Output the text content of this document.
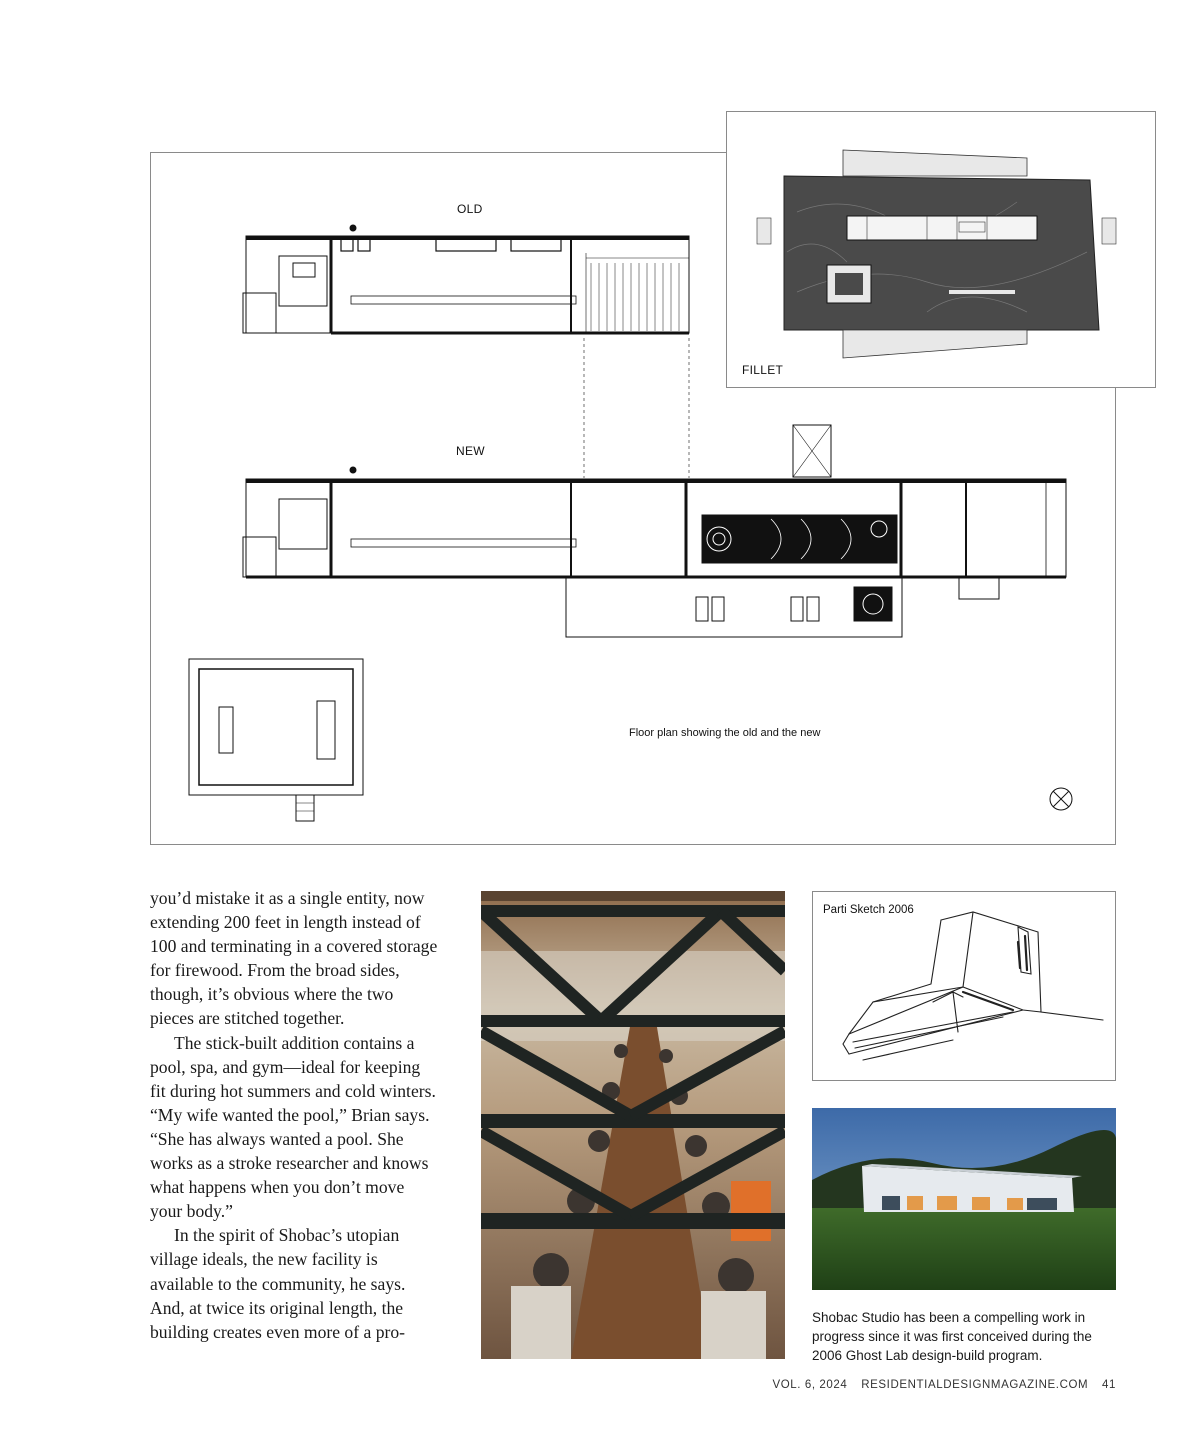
OLD
NEW
Floor plan showing the old and the new
FILLET

you’d mistake it as a single entity, now extending 200 feet in length instead of 100 and terminating in a covered storage for firewood. From the broad sides, though, it’s obvious where the two pieces are stitched together.

The stick-built addition contains a pool, spa, and gym—ideal for keeping fit during hot summers and cold winters. “My wife wanted the pool,” Brian says. “She has always wanted a pool. She works as a stroke researcher and knows what happens when you don’t move your body.”

In the spirit of Shobac’s utopian village ideals, the new facility is available to the community, he says. And, at twice its original length, the building creates even more of a pro-

Parti Sketch 2006
Shobac Studio has been a compelling work in progress since it was first conceived during the 2006 Ghost Lab design-build program.
VOL. 6, 2024 RESIDENTIALDESIGNMAGAZINE.COM 41
